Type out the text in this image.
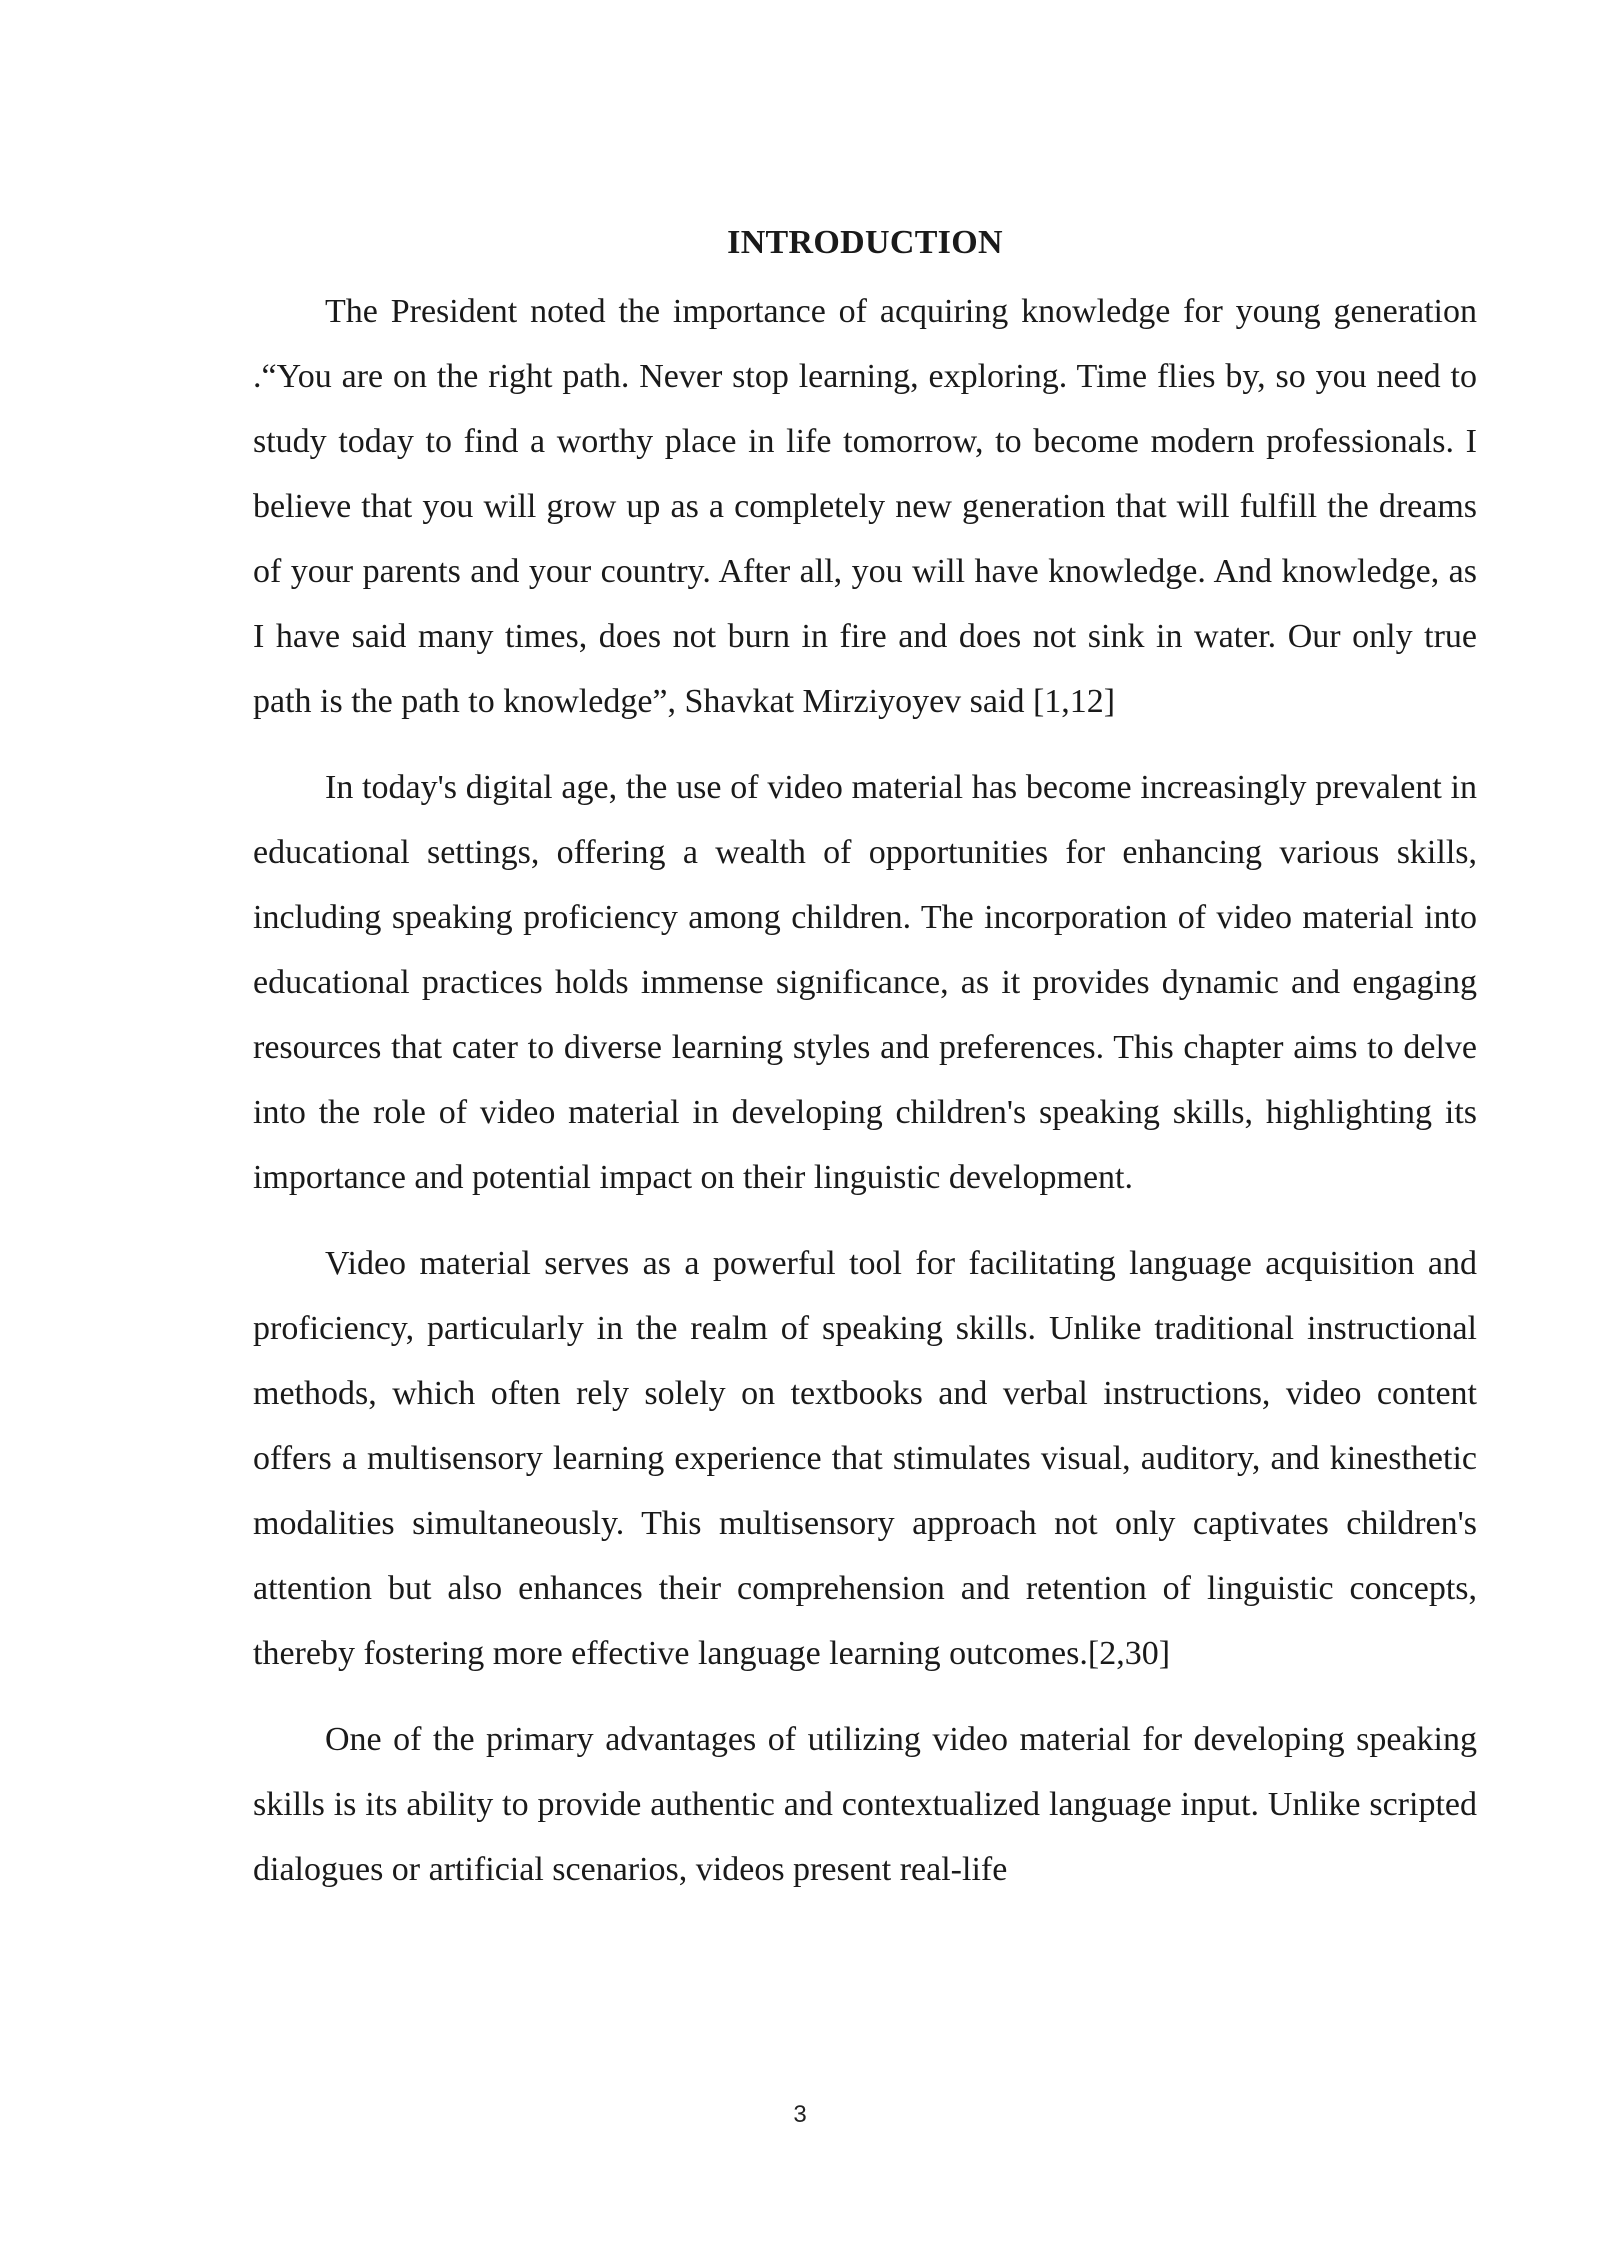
INTRODUCTION

The President noted the importance of acquiring knowledge for young generation .“You are on the right path. Never stop learning, exploring. Time flies by, so you need to study today to find a worthy place in life tomorrow, to become modern professionals. I believe that you will grow up as a completely new generation that will fulfill the dreams of your parents and your country. After all, you will have knowledge. And knowledge, as I have said many times, does not burn in fire and does not sink in water. Our only true path is the path to knowledge”, Shavkat Mirziyoyev said [1,12]

In today's digital age, the use of video material has become increasingly prevalent in educational settings, offering a wealth of opportunities for enhancing various skills, including speaking proficiency among children. The incorporation of video material into educational practices holds immense significance, as it provides dynamic and engaging resources that cater to diverse learning styles and preferences. This chapter aims to delve into the role of video material in developing children's speaking skills, highlighting its importance and potential impact on their linguistic development.

Video material serves as a powerful tool for facilitating language acquisition and proficiency, particularly in the realm of speaking skills. Unlike traditional instructional methods, which often rely solely on textbooks and verbal instructions, video content offers a multisensory learning experience that stimulates visual, auditory, and kinesthetic modalities simultaneously. This multisensory approach not only captivates children's attention but also enhances their comprehension and retention of linguistic concepts, thereby fostering more effective language learning outcomes.[2,30]

One of the primary advantages of utilizing video material for developing speaking skills is its ability to provide authentic and contextualized language input. Unlike scripted dialogues or artificial scenarios, videos present real-life

3
